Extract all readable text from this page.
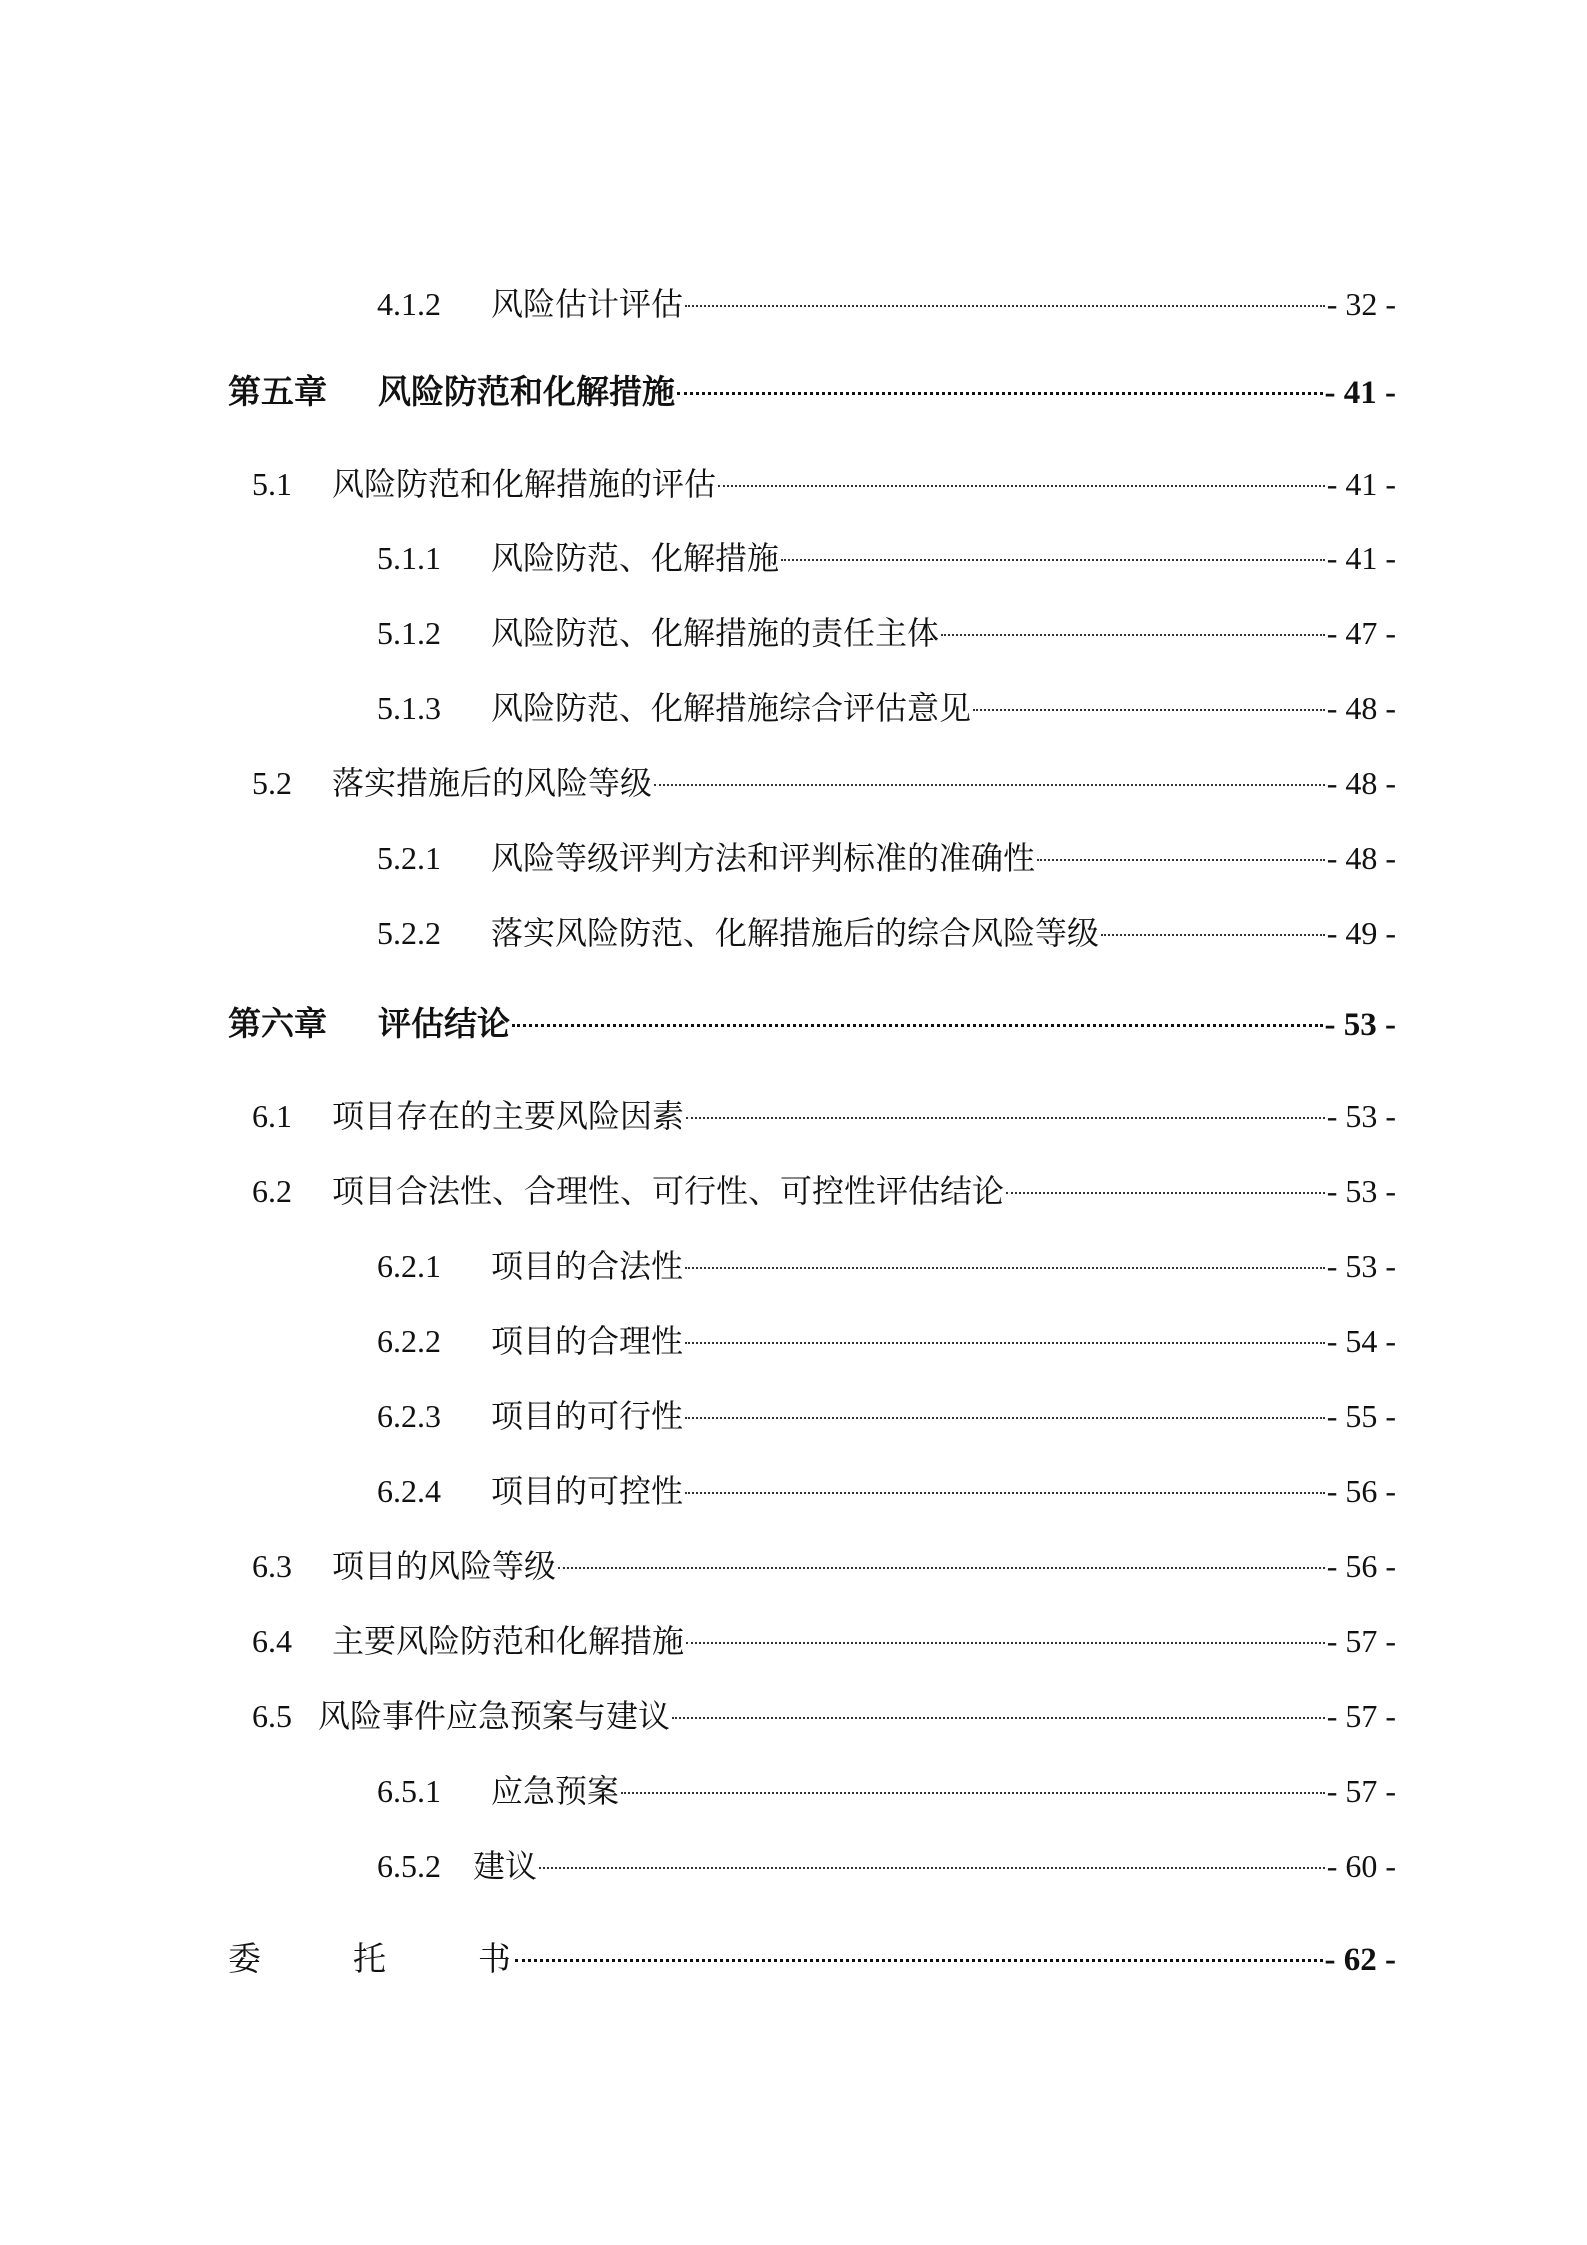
4.1.2	风险估计评估	- 32 -
第五章	风险防范和化解措施	- 41 -
5.1	风险防范和化解措施的评估	- 41 -
5.1.1	风险防范、化解措施	- 41 -
5.1.2	风险防范、化解措施的责任主体	- 47 -
5.1.3	风险防范、化解措施综合评估意见	- 48 -
5.2	落实措施后的风险等级	- 48 -
5.2.1	风险等级评判方法和评判标准的准确性	- 48 -
5.2.2	落实风险防范、化解措施后的综合风险等级	- 49 -
第六章	评估结论	- 53 -
6.1	项目存在的主要风险因素	- 53 -
6.2	项目合法性、合理性、可行性、可控性评估结论	- 53 -
6.2.1	项目的合法性	- 53 -
6.2.2	项目的合理性	- 54 -
6.2.3	项目的可行性	- 55 -
6.2.4	项目的可控性	- 56 -
6.3	项目的风险等级	- 56 -
6.4	主要风险防范和化解措施	- 57 -
6.5 风险事件应急预案与建议	- 57 -
6.5.1	应急预案	- 57 -
6.5.2	建议	- 60 -
委托书	- 62 -
